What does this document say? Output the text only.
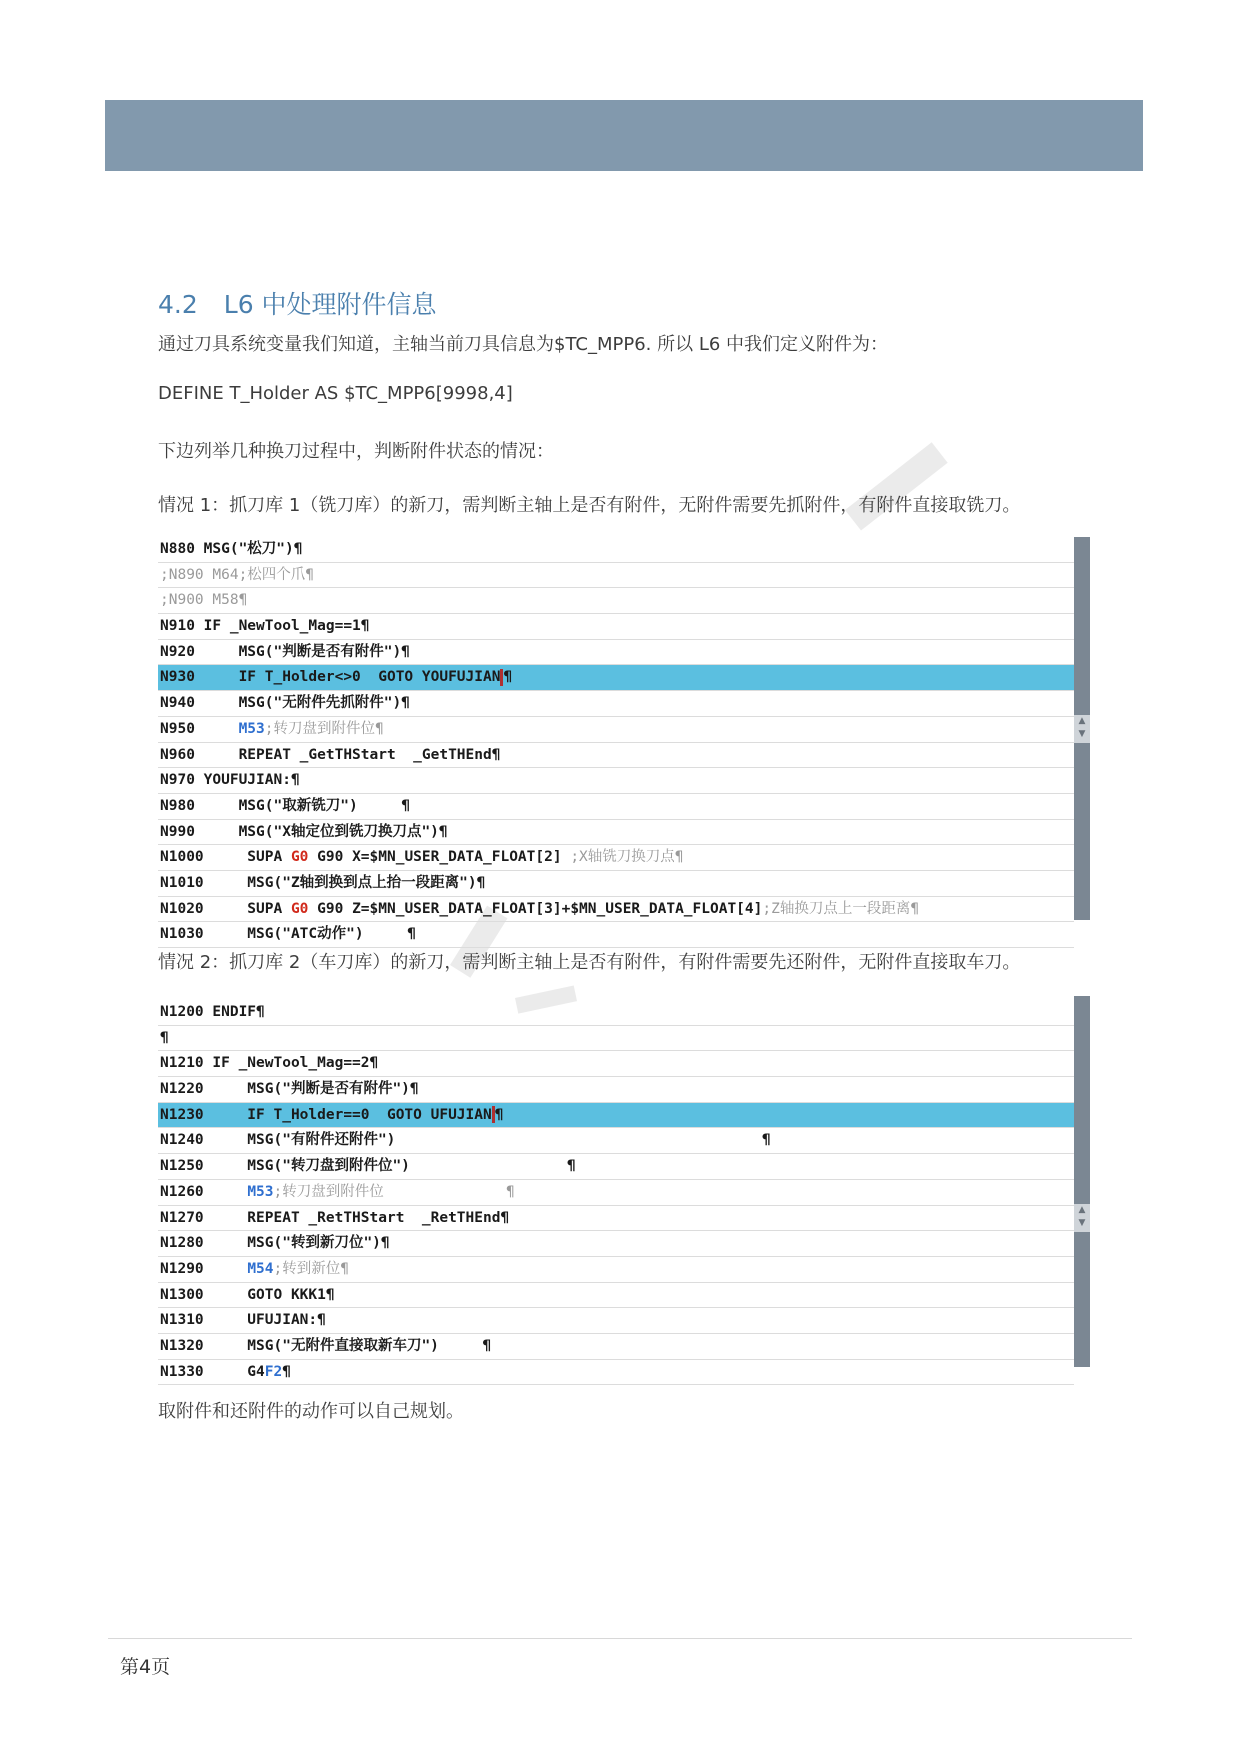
4.2 L6 中处理附件信息

通过刀具系统变量我们知道，主轴当前刀具信息为$TC_MPP6. 所以 L6 中我们定义附件为：

DEFINE T_Holder AS $TC_MPP6[9998,4]

下边列举几种换刀过程中，判断附件状态的情况：

情况 1：抓刀库 1（铣刀库）的新刀，需判断主轴上是否有附件，无附件需要先抓附件，有附件直接取铣刀。

N880 MSG("松刀")¶
;N890 M64;松四个爪¶
;N900 M58¶
N910 IF _NewTool_Mag==1¶
N920     MSG("判断是否有附件")¶
N930     IF T_Holder<>0  GOTO YOUFUJIAN ¶
N940     MSG("无附件先抓附件")¶
N950     M53;转刀盘到附件位¶
N960     REPEAT _GetTHStart  _GetTHEnd¶
N970 YOUFUJIAN:¶
N980     MSG("取新铣刀")     ¶
N990     MSG("X轴定位到铣刀换刀点")¶
N1000     SUPA G0 G90 X=$MN_USER_DATA_FLOAT[2] ;X轴铣刀换刀点¶
N1010     MSG("Z轴到换到点上抬一段距离")¶
N1020     SUPA G0 G90 Z=$MN_USER_DATA_FLOAT[3]+$MN_USER_DATA_FLOAT[4];Z轴换刀点上一段距离¶
N1030     MSG("ATC动作")     ¶
▲
▼

情况 2：抓刀库 2（车刀库）的新刀，需判断主轴上是否有附件，有附件需要先还附件，无附件直接取车刀。

N1200 ENDIF¶
¶
N1210 IF _NewTool_Mag==2¶
N1220     MSG("判断是否有附件")¶
N1230     IF T_Holder==0  GOTO UFUJIAN ¶
N1240     MSG("有附件还附件")                                          ¶
N1250     MSG("转刀盘到附件位")                  ¶
N1260     M53;转刀盘到附件位              ¶
N1270     REPEAT _RetTHStart  _RetTHEnd¶
N1280     MSG("转到新刀位")¶
N1290     M54;转到新位¶
N1300     GOTO KKK1¶
N1310     UFUJIAN:¶
N1320     MSG("无附件直接取新车刀")     ¶
N1330     G4F2¶
▲
▼

取附件和还附件的动作可以自己规划。

第4页
